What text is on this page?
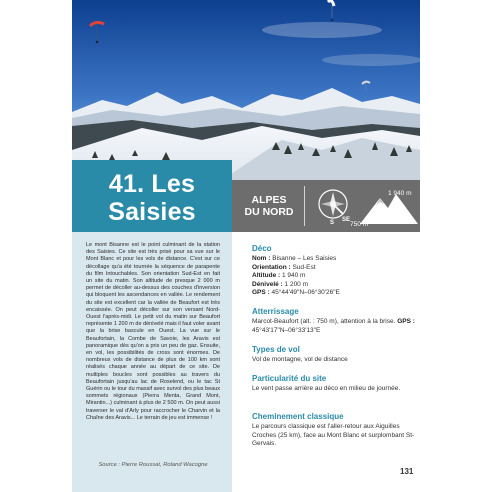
41. Les Saisies	ALPES
DU NORD
S SE
1 940 m
750 m
Le mont Bisanne est le point culminant de la station des Saisies. Ce site est très prisé pour sa vue sur le Mont Blanc et pour les vols de distance. C'est sur ce décollage qu'a été tournée la séquence de parapente du film Intouchables. Son orientation Sud-Est en fait un site du matin. Son altitude de presque 2 000 m permet de décoller au-dessus des couches d'inversion qui bloquent les ascendances en vallée. Le rendement du site est excellent car la vallée de Beaufort est très encaissée. On peut décoller sur son versant Nord-Ouest l'après-midi. Le petit vol du matin sur Beaufort représente 1 200 m de dénivelé mais il faut voler avant que la brise bascule en Ouest. La vue sur le Beaufortain, la Combe de Savoie, les Aravis est panoramique dès qu'on a pris un peu de gaz. Ensuite, en vol, les possibilités de cross sont énormes. De nombreux vols de distance de plus de 100 km sont réalisés chaque année au départ de ce site. De multiples boucles sont possibles au travers du Beaufortain jusqu'au lac de Roselend, ou le tac St Guérin ou le tour du massif avec survol des plus beaux sommets régionaux (Pierra Menta, Grand Mont, Mirantin...) culminant à plus de 2 500 m. On peut aussi traverser le val d'Arly pour raccrocher le Charvin et la Chaîne des Aravis... Le terrain de jeu est immense !
Source : Pierre Roussat, Roland Wacogne
Déco
Nom : Bisanne – Les Saisies
Orientation : Sud-Est
Altitude : 1 940 m
Dénivelé : 1 200 m
GPS : 45°44'49"N–06°30'26"E
Atterrissage
Marcot-Beaufort (alt. : 750 m), attention à la brise. GPS : 45°43'17"N–06°33'13"E
Types de vol
Vol de montagne, vol de distance
Particularité du site
Le vent passe arrière au déco en milieu de journée.
Cheminement classique
Le parcours classique est l'aller-retour aux Aiguilles Croches (25 km), face au Mont Blanc et surplombant St-Gervais.
131
